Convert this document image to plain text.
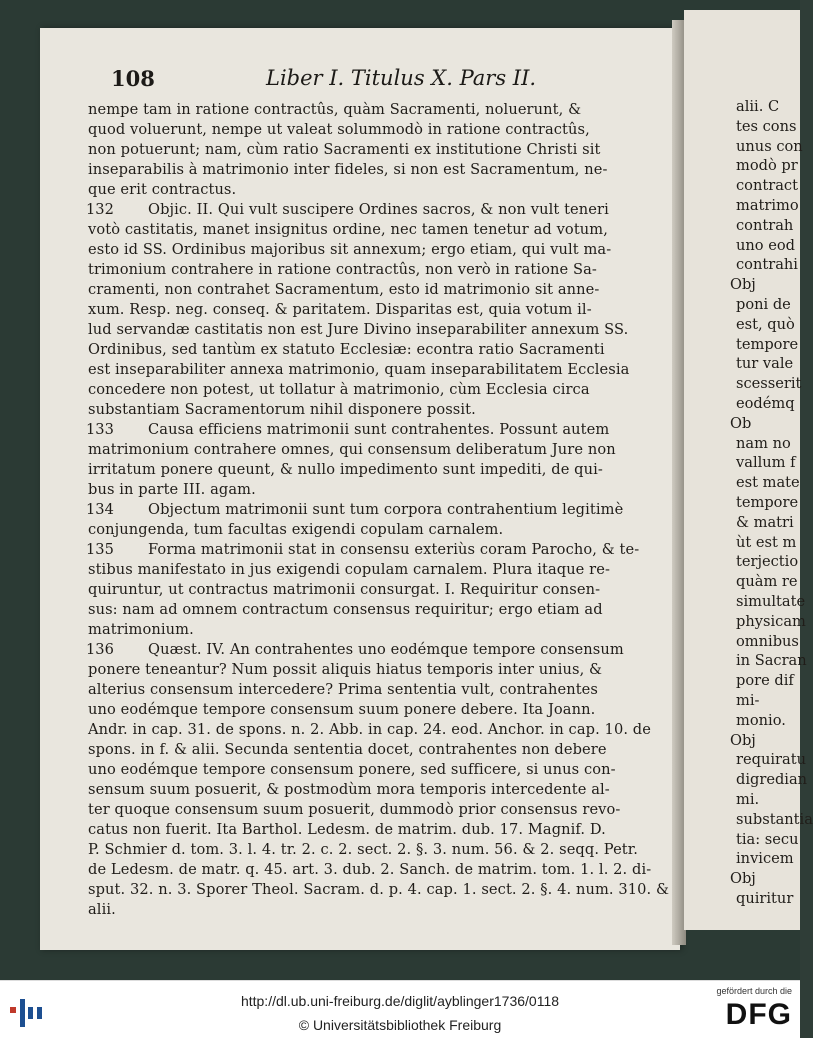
alii. C
tes cons
unus con
modò pr
contract
matrimo
contrah
uno eod
contrahi
Obj
poni de
est, quò
tempore
tur vale
scesserit
eodémq
Ob
nam no
vallum f
est mate
tempore
& matri
ùt est m
terjectio
quàm re
simultate
physicam
omnibus
in Sacran
pore dif
mi-
monio.
Obj
requiratu
digredian
mi.
substantia
tia: secu
invicem
Obj
quiritur
108	Liber I. Titulus X. Pars II.
nempe tam in ratione contractûs, quàm Sacramenti, noluerunt, &
quod voluerunt, nempe ut valeat solummodò in ratione contractûs,
non potuerunt; nam, cùm ratio Sacramenti ex institutione Christi sit
inseparabilis à matrimonio inter fideles, si non est Sacramentum, ne-
que erit contractus.
Objic. II. Qui vult suscipere Ordines sacros, & non vult teneri
votò castitatis, manet insignitus ordine, nec tamen tenetur ad votum,
esto id SS. Ordinibus majoribus sit annexum; ergo etiam, qui vult ma-
trimonium contrahere in ratione contractûs, non verò in ratione Sa-
cramenti, non contrahet Sacramentum, esto id matrimonio sit anne-
xum. Resp. neg. conseq. & paritatem. Disparitas est, quia votum il-
lud servandæ castitatis non est Jure Divino inseparabiliter annexum SS.
Ordinibus, sed tantùm ex statuto Ecclesiæ: econtra ratio Sacramenti
est inseparabiliter annexa matrimonio, quam inseparabilitatem Ecclesia
concedere non potest, ut tollatur à matrimonio, cùm Ecclesia circa
substantiam Sacramentorum nihil disponere possit.
Causa efficiens matrimonii sunt contrahentes. Possunt autem
matrimonium contrahere omnes, qui consensum deliberatum Jure non
irritatum ponere queunt, & nullo impedimento sunt impediti, de qui-
bus in parte III. agam.
Objectum matrimonii sunt tum corpora contrahentium legitimè
conjungenda, tum facultas exigendi copulam carnalem.
Forma matrimonii stat in consensu exteriùs coram Parocho, & te-
stibus manifestato in jus exigendi copulam carnalem. Plura itaque re-
quiruntur, ut contractus matrimonii consurgat. I. Requiritur consen-
sus: nam ad omnem contractum consensus requiritur; ergo etiam ad
matrimonium.
Quæst. IV. An contrahentes uno eodémque tempore consensum
ponere teneantur? Num possit aliquis hiatus temporis inter unius, &
alterius consensum intercedere? Prima sententia vult, contrahentes
uno eodémque tempore consensum suum ponere debere. Ita Joann.
Andr. in cap. 31. de spons. n. 2. Abb. in cap. 24. eod. Anchor. in cap. 10. de
spons. in f. & alii. Secunda sententia docet, contrahentes non debere
uno eodémque tempore consensum ponere, sed sufficere, si unus con-
sensum suum posuerit, & postmodùm mora temporis intercedente al-
ter quoque consensum suum posuerit, dummodò prior consensus revo-
catus non fuerit. Ita Barthol. Ledesm. de matrim. dub. 17. Magnif. D.
P. Schmier d. tom. 3. l. 4. tr. 2. c. 2. sect. 2. §. 3. num. 56. & 2. seqq. Petr.
de Ledesm. de matr. q. 45. art. 3. dub. 2. Sanch. de matrim. tom. 1. l. 2. di-
sput. 32. n. 3. Sporer Theol. Sacram. d. p. 4. cap. 1. sect. 2. §. 4. num. 310. &
alii.
132
133
134
135
136
http://dl.ub.uni-freiburg.de/diglit/ayblinger1736/0118
© Universitätsbibliothek Freiburg
gefördert durch die
DFG
